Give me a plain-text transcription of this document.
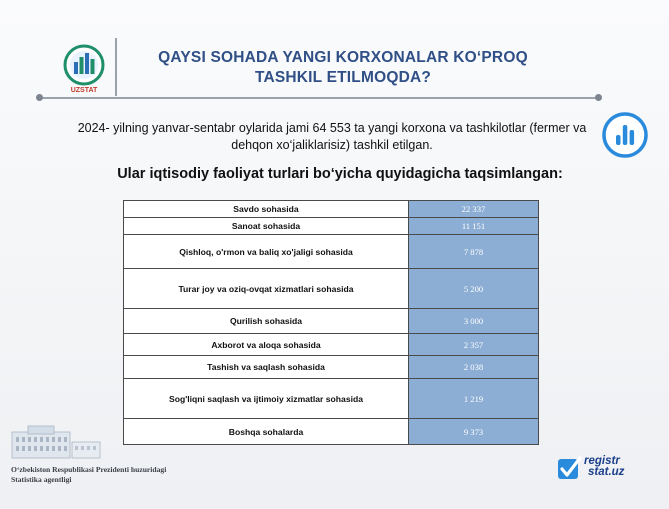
UZSTAT
QAYSI SOHADA YANGI KORXONALAR KO‘PROQ
TASHKIL ETILMOQDA?
2024- yilning yanvar-sentabr oylarida jami 64 553 ta yangi korxona va tashkilotlar (fermer va
dehqon xo‘jaliklarisiz) tashkil etilgan.
Ular iqtisodiy faoliyat turlari bo‘yicha quyidagicha taqsimlangan:
Savdo sohasida	22 337
Sanoat sohasida	11 151
Qishloq, o'rmon va baliq xo'jaligi sohasida	7 878
Turar joy va oziq-ovqat xizmatlari sohasida	5 200
Qurilish sohasida	3 000
Axborot va aloqa sohasida	2 357
Tashish va saqlash sohasida	2 038
Sog'liqni saqlash va ijtimoiy xizmatlar sohasida	1 219
Boshqa sohalarda	9 373
O‘zbekiston Respublikasi Prezidenti huzuridagi
Statistika agentligi
registr
stat.uz
